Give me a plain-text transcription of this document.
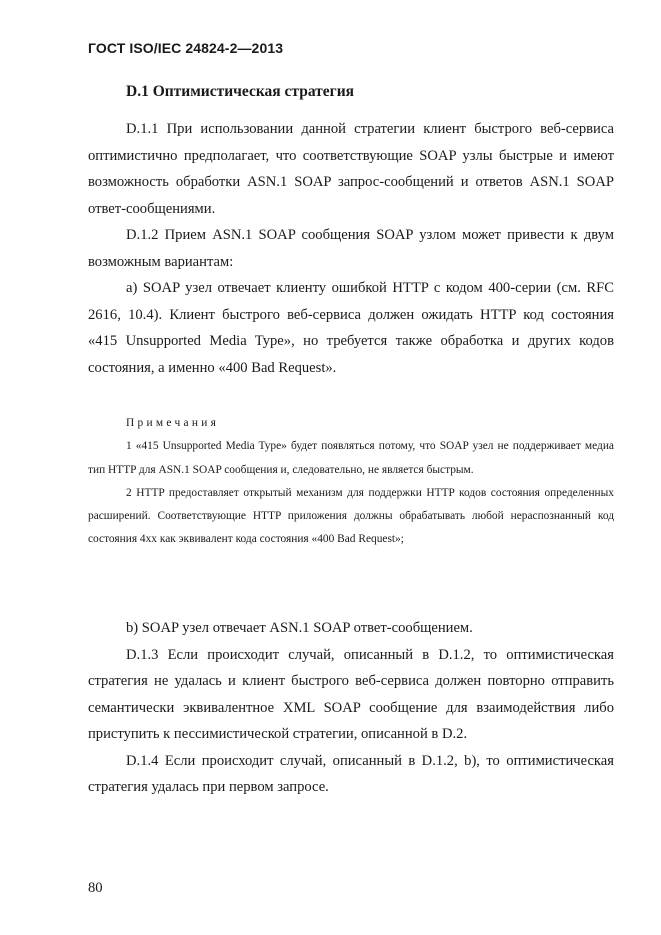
ГОСТ ISO/IEC 24824-2—2013
D.1 Оптимистическая стратегия

D.1.1 При использовании данной стратегии клиент быстрого веб-сервиса оптимистично предполагает, что соответствующие SOAP узлы быстрые и имеют возможность обработки ASN.1 SOAP запрос-сообщений и ответов ASN.1 SOAP ответ-сообщениями.

D.1.2 Прием ASN.1 SOAP сообщения SOAP узлом может привести к двум возможным вариантам:

а) SOAP узел отвечает клиенту ошибкой HTTP с кодом 400-серии (см. RFC 2616, 10.4). Клиент быстрого веб-сервиса должен ожидать HTTP код состояния «415 Unsupported Media Type», но требуется также обработка и других кодов состояния, а именно «400 Bad Request».

Примечания

1 «415 Unsupported Media Type» будет появляться потому, что SOAP узел не поддерживает медиа тип HTTP для ASN.1 SOAP сообщения и, следовательно, не является быстрым.

2 HTTP предоставляет открытый механизм для поддержки HTTP кодов состояния определенных расширений. Соответствующие HTTP приложения должны обрабатывать любой нераспознанный код состояния 4xx как эквивалент кода состояния «400 Bad Request»;

b) SOAP узел отвечает ASN.1 SOAP ответ-сообщением.

D.1.3 Если происходит случай, описанный в D.1.2, то оптимистическая стратегия не удалась и клиент быстрого веб-сервиса должен повторно отправить семантически эквивалентное XML SOAP сообщение для взаимодействия либо приступить к пессимистической стратегии, описанной в D.2.

D.1.4 Если происходит случай, описанный в D.1.2, b), то оптимистическая стратегия удалась при первом запросе.

80
